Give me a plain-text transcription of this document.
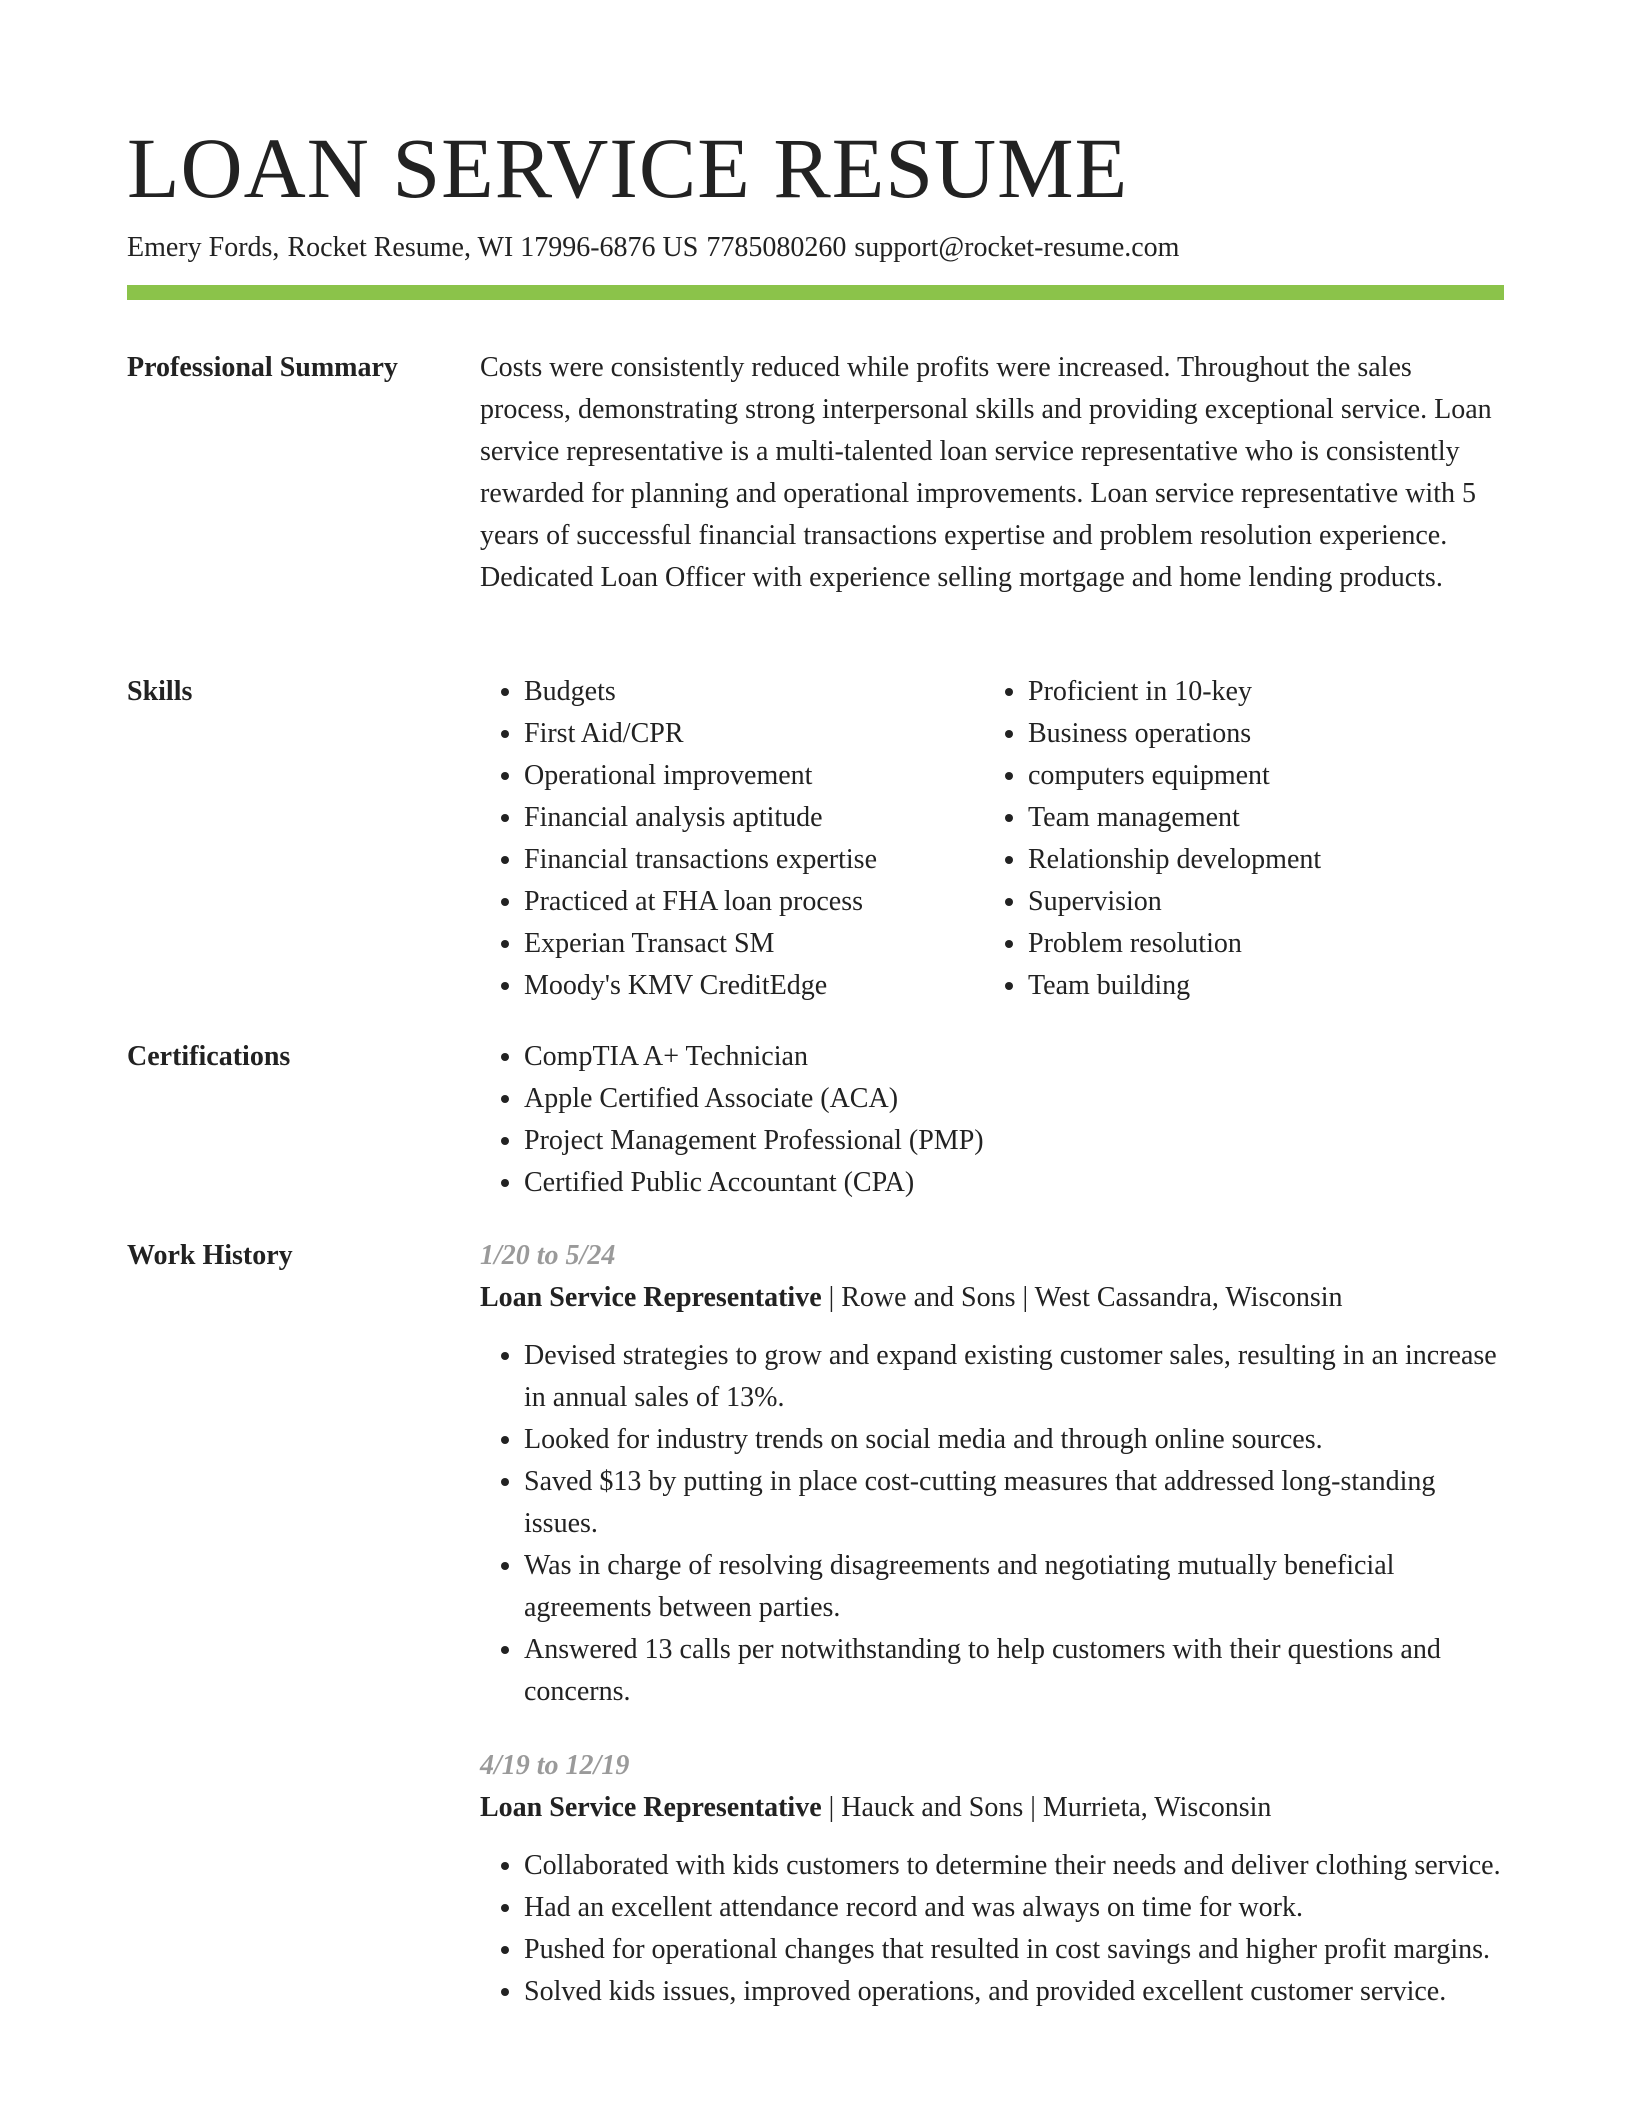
LOAN SERVICE RESUME
Emery Fords, Rocket Resume, WI 17996-6876 US 7785080260 support@rocket-resume.com
Professional Summary	Costs were consistently reduced while profits were increased. Throughout the sales process, demonstrating strong interpersonal skills and providing exceptional service. Loan service representative is a multi-talented loan service representative who is consistently rewarded for planning and operational improvements. Loan service representative with 5 years of successful financial transactions expertise and problem resolution experience. Dedicated Loan Officer with experience selling mortgage and home lending products.

Skills	• Budgets
• First Aid/CPR
• Operational improvement
• Financial analysis aptitude
• Financial transactions expertise
• Practiced at FHA loan process
• Experian Transact SM
• Moody's KMV CreditEdge
• Proficient in 10-key
• Business operations
• computers equipment
• Team management
• Relationship development
• Supervision
• Problem resolution
• Team building
Certifications	• CompTIA A+ Technician
• Apple Certified Associate (ACA)
• Project Management Professional (PMP)
• Certified Public Accountant (CPA)
Work History	1/20 to 5/24
Loan Service Representative | Rowe and Sons | West Cassandra, Wisconsin
• Devised strategies to grow and expand existing customer sales, resulting in an increase in annual sales of 13%.
• Looked for industry trends on social media and through online sources.
• Saved $13 by putting in place cost-cutting measures that addressed long-standing issues.
• Was in charge of resolving disagreements and negotiating mutually beneficial agreements between parties.
• Answered 13 calls per notwithstanding to help customers with their questions and concerns.
4/19 to 12/19
Loan Service Representative | Hauck and Sons | Murrieta, Wisconsin
• Collaborated with kids customers to determine their needs and deliver clothing service.
• Had an excellent attendance record and was always on time for work.
• Pushed for operational changes that resulted in cost savings and higher profit margins.
• Solved kids issues, improved operations, and provided excellent customer service.
